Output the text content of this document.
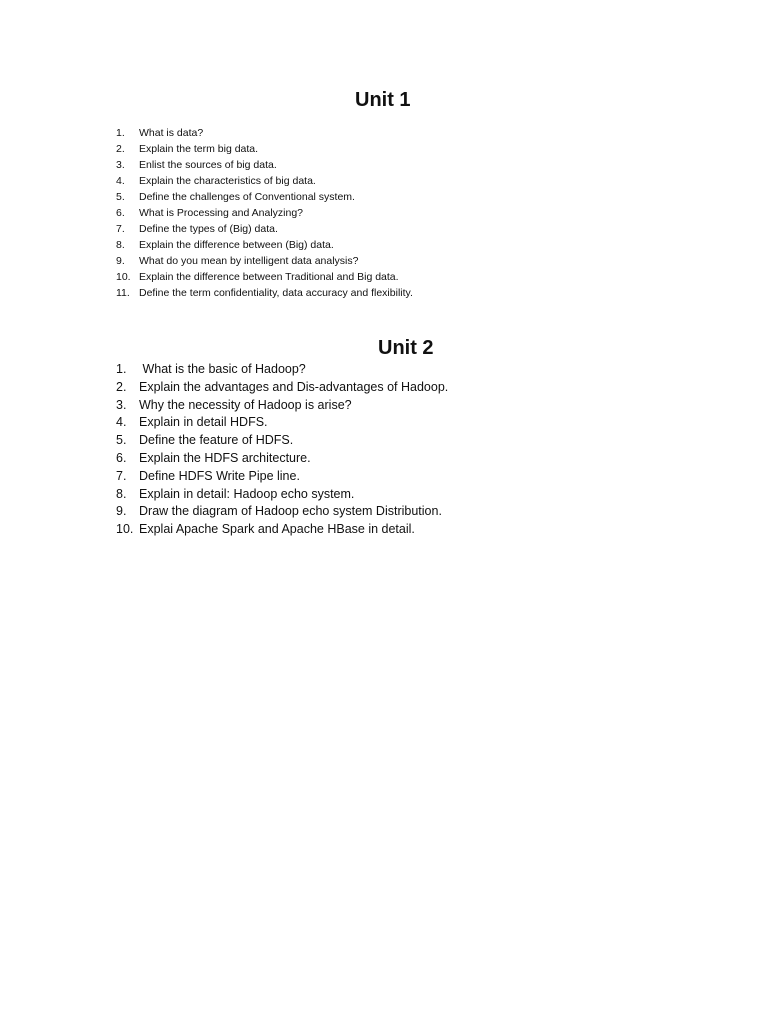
Unit 1
1. What is data?
2. Explain the term big data.
3. Enlist the sources of big data.
4. Explain the characteristics of big data.
5. Define the challenges of Conventional system.
6. What is Processing and Analyzing?
7. Define the types of (Big) data.
8. Explain the difference between (Big) data.
9. What do you mean by intelligent data analysis?
10. Explain the difference between Traditional and Big data.
11. Define the term confidentiality, data accuracy and flexibility.
Unit 2
1. What is the basic of Hadoop?
2. Explain the advantages and Dis-advantages of Hadoop.
3. Why the necessity of Hadoop is arise?
4. Explain in detail HDFS.
5. Define the feature of HDFS.
6. Explain the HDFS architecture.
7. Define HDFS Write Pipe line.
8. Explain in detail: Hadoop echo system.
9. Draw the diagram of Hadoop echo system Distribution.
10. Explai Apache Spark and Apache HBase in detail.
